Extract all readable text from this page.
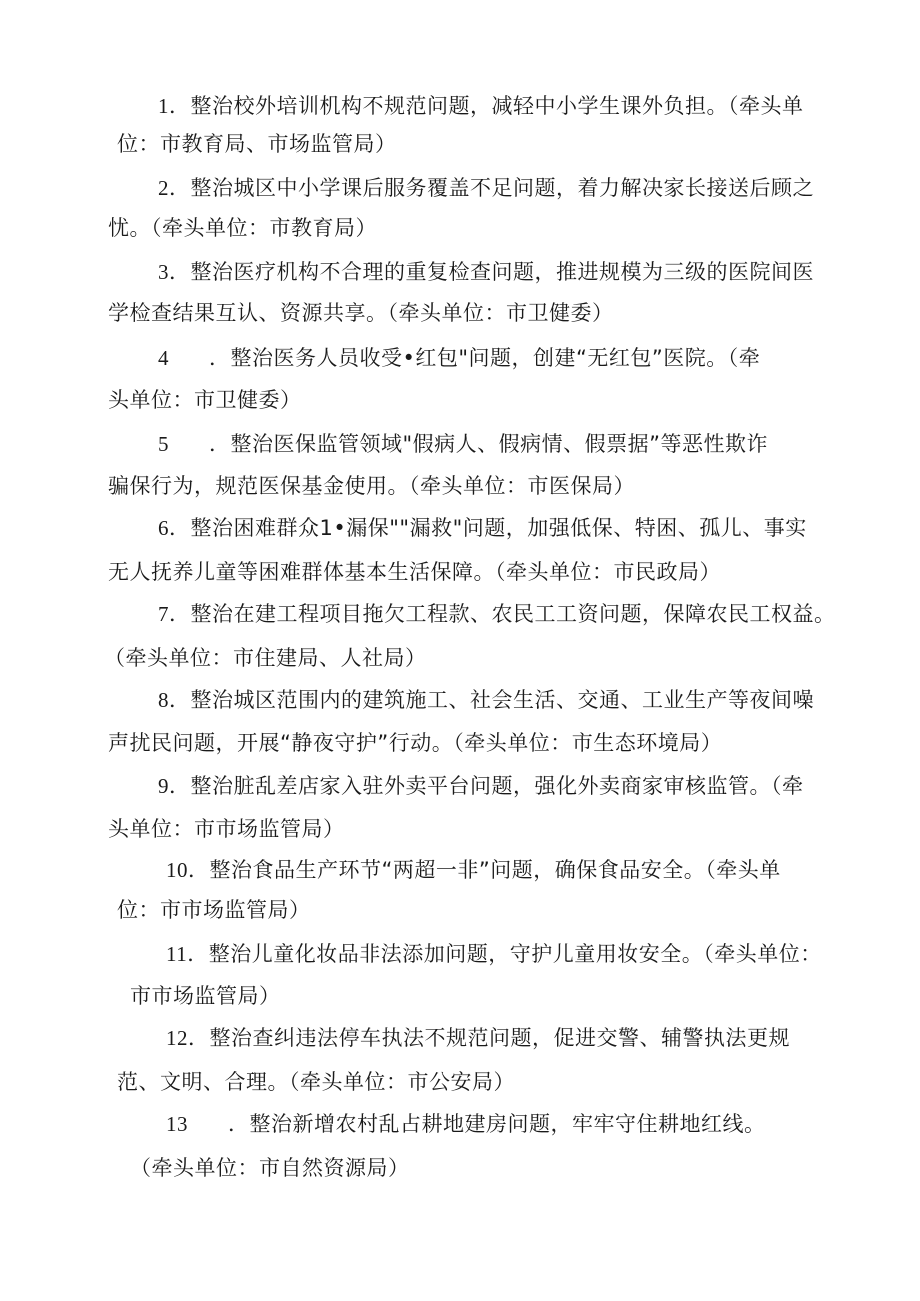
1．整治校外培训机构不规范问题，减轻中小学生课外负担。（牵头单
位：市教育局、市场监管局）
2．整治城区中小学课后服务覆盖不足问题，着力解决家长接送后顾之
忧。（牵头单位：市教育局）
3．整治医疗机构不合理的重复检查问题，推进规模为三级的医院间医
学检查结果互认、资源共享。（牵头单位：市卫健委）
4 ．整治医务人员收受•红包"问题，创建“无红包”医院。（牵
头单位：市卫健委）
5 ．整治医保监管领域"假病人、假病情、假票据”等恶性欺诈
骗保行为，规范医保基金使用。（牵头单位：市医保局）
6．整治困难群众1•漏保""漏救"问题，加强低保、特困、孤儿、事实
无人抚养儿童等困难群体基本生活保障。（牵头单位：市民政局）
7．整治在建工程项目拖欠工程款、农民工工资问题，保障农民工权益。
（牵头单位：市住建局、人社局）
8．整治城区范围内的建筑施工、社会生活、交通、工业生产等夜间噪
声扰民问题，开展“静夜守护”行动。（牵头单位：市生态环境局）
9．整治脏乱差店家入驻外卖平台问题，强化外卖商家审核监管。（牵
头单位：市市场监管局）
10．整治食品生产环节“两超一非”问题，确保食品安全。（牵头单
位：市市场监管局）
11．整治儿童化妆品非法添加问题，守护儿童用妆安全。（牵头单位：
市市场监管局）
12．整治查纠违法停车执法不规范问题，促进交警、辅警执法更规
范、文明、合理。（牵头单位：市公安局）
13 ．整治新增农村乱占耕地建房问题，牢牢守住耕地红线。
（牵头单位：市自然资源局）
